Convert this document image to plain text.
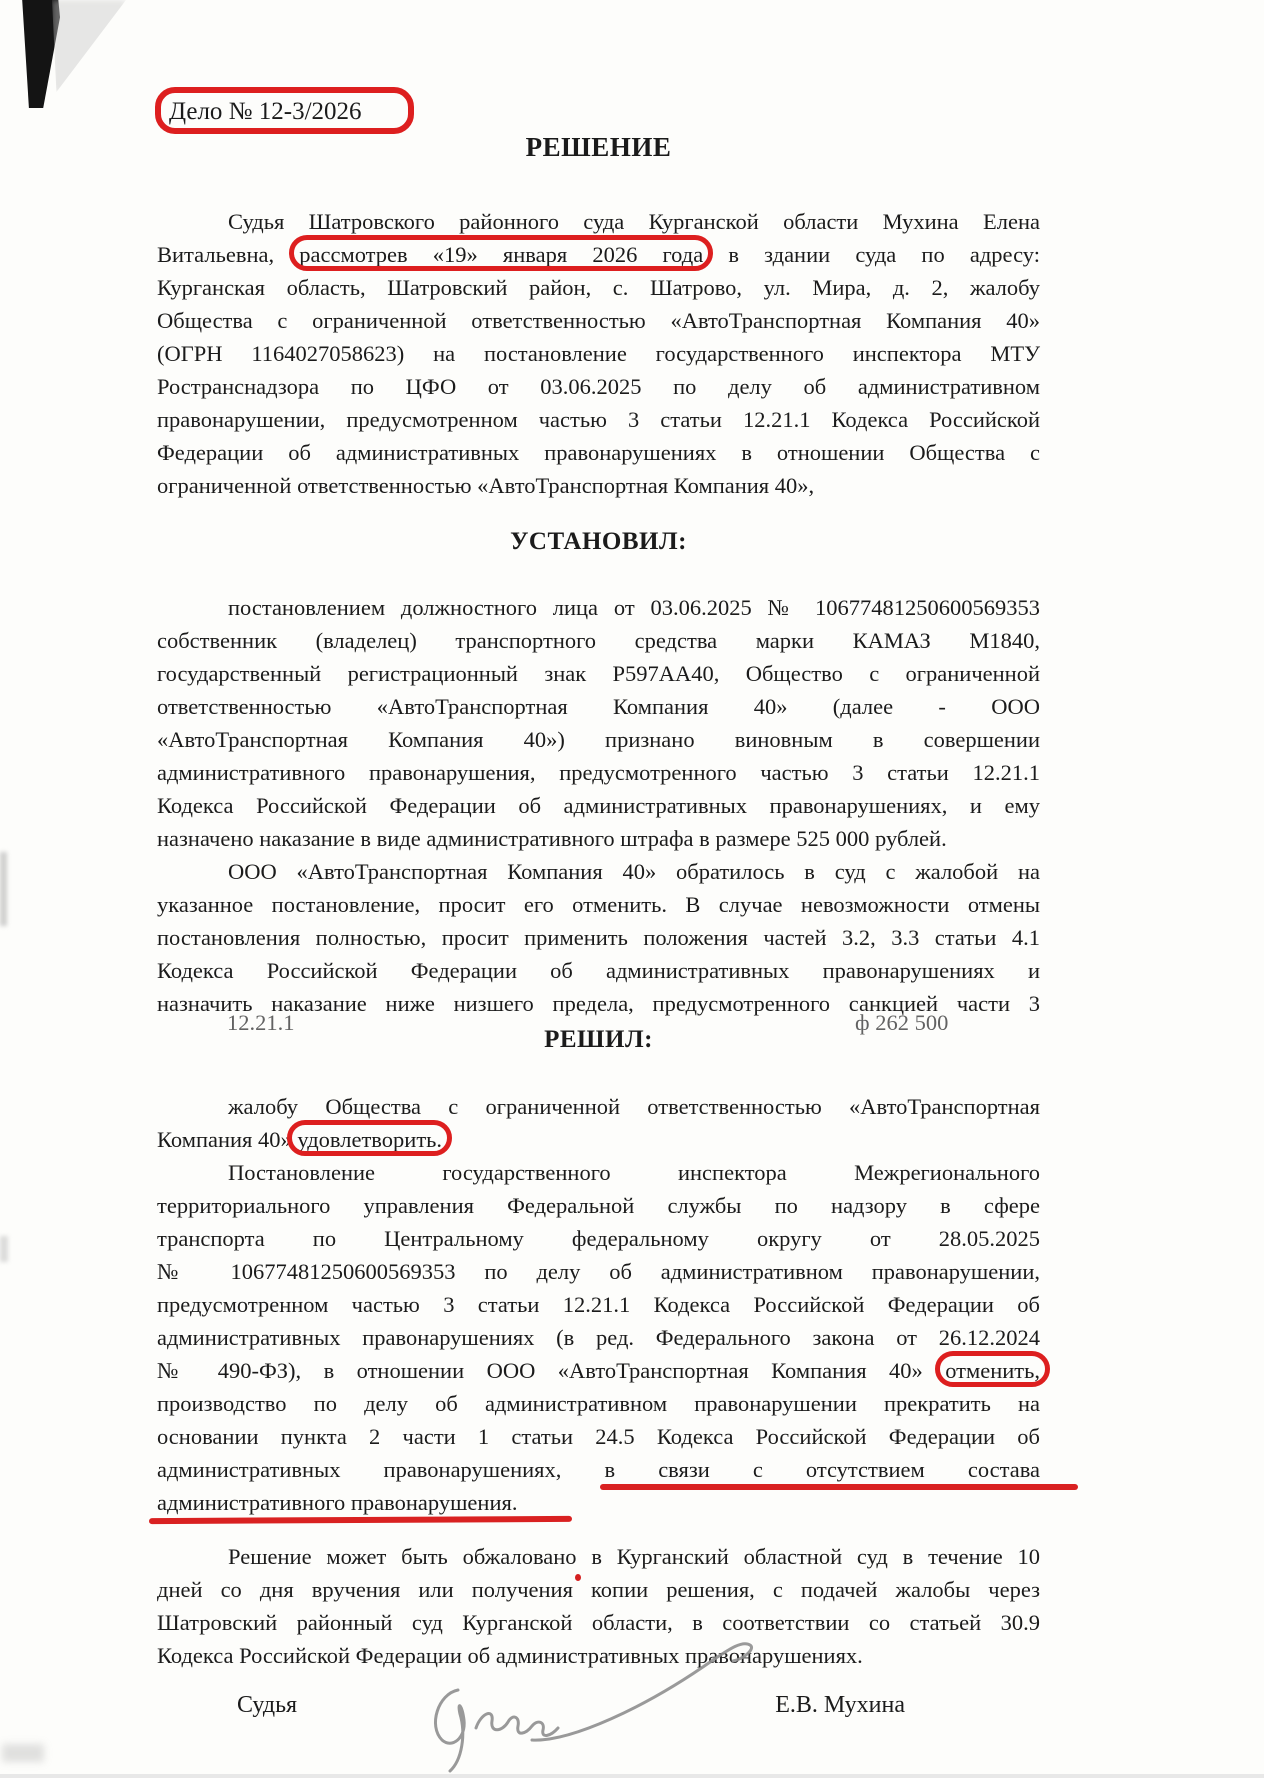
Дело № 12-3/2026
РЕШЕНИЕ
Судья Шатровского районного суда Курганской области Мухина Елена
Витальевна, рассмотрев «19» января 2026 года в здании суда по адресу:
Курганская область, Шатровский район, с. Шатрово, ул. Мира, д. 2, жалобу
Общества с ограниченной ответственностью «АвтоТранспортная Компания 40»
(ОГРН 1164027058623) на постановление государственного инспектора МТУ
Ространснадзора по ЦФО от 03.06.2025 по делу об административном
правонарушении, предусмотренном частью 3 статьи 12.21.1 Кодекса Российской
Федерации об административных правонарушениях в отношении Общества с
ограниченной ответственностью «АвтоТранспортная Компания 40»,
УСТАНОВИЛ:
постановлением должностного лица от 03.06.2025 № 10677481250600569353
собственник (владелец) транспортного средства марки КАМАЗ М1840,
государственный регистрационный знак Р597АА40, Общество с ограниченной
ответственностью «АвтоТранспортная Компания 40» (далее - ООО
«АвтоТранспортная Компания 40») признано виновным в совершении
административного правонарушения, предусмотренного частью 3 статьи 12.21.1
Кодекса Российской Федерации об административных правонарушениях, и ему
назначено наказание в виде административного штрафа в размере 525 000 рублей.
ООО «АвтоТранспортная Компания 40» обратилось в суд с жалобой на
указанное постановление, просит его отменить. В случае невозможности отмены
постановления полностью, просит применить положения частей 3.2, 3.3 статьи 4.1
Кодекса Российской Федерации об административных правонарушениях и
назначить наказание ниже низшего предела, предусмотренного санкцией части 3
12.21.1	ф 262 500
РЕШИЛ:
жалобу Общества с ограниченной ответственностью «АвтоТранспортная
Компания 40» удовлетворить.
Постановление государственного инспектора Межрегионального
территориального управления Федеральной службы по надзору в сфере
транспорта по Центральному федеральному округу от 28.05.2025
№ 10677481250600569353 по делу об административном правонарушении,
предусмотренном частью 3 статьи 12.21.1 Кодекса Российской Федерации об
административных правонарушениях (в ред. Федерального закона от 26.12.2024
№ 490-ФЗ), в отношении ООО «АвтоТранспортная Компания 40» отменить,
производство по делу об административном правонарушении прекратить на
основании пункта 2 части 1 статьи 24.5 Кодекса Российской Федерации об
административных правонарушениях, в связи с отсутствием состава
административного правонарушения.
Решение может быть обжаловано в Курганский областной суд в течение 10
дней со дня вручения или получения копии решения, с подачей жалобы через
Шатровский районный суд Курганской области, в соответствии со статьей 30.9
Кодекса Российской Федерации об административных правонарушениях.
Судья	Е.В. Мухина
